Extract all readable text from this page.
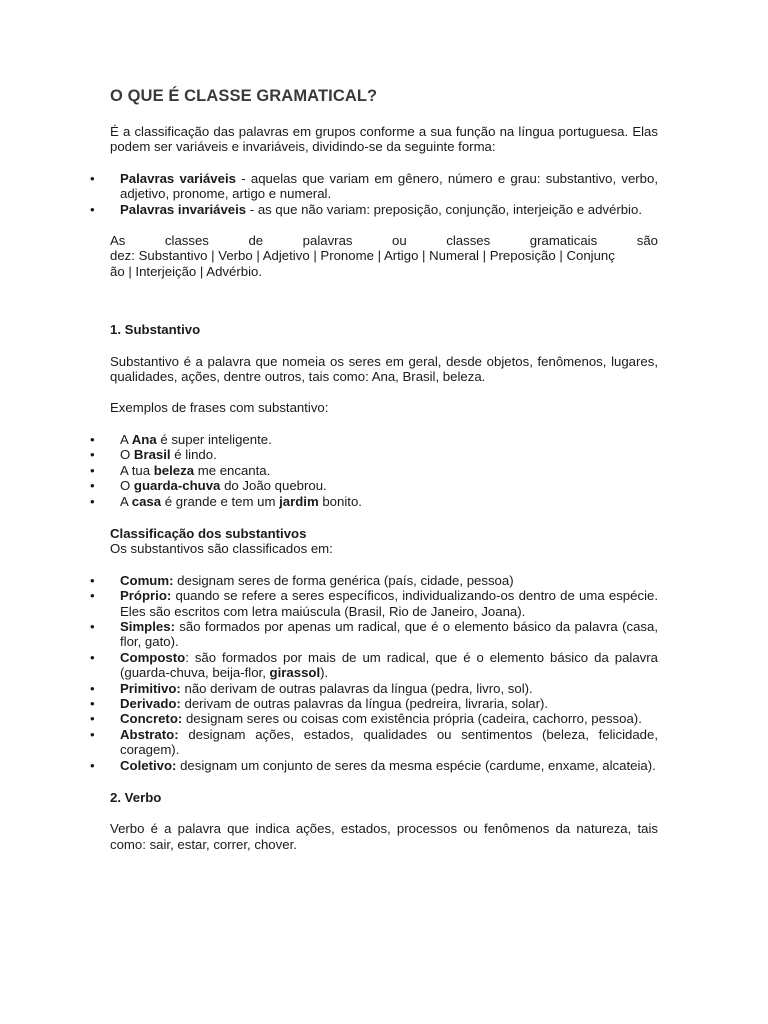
O QUE É CLASSE GRAMATICAL?

É a classificação das palavras em grupos conforme a sua função na língua portuguesa. Elas podem ser variáveis e invariáveis, dividindo-se da seguinte forma:

• Palavras variáveis - aquelas que variam em gênero, número e grau: substantivo, verbo, adjetivo, pronome, artigo e numeral.
• Palavras invariáveis - as que não variam: preposição, conjunção, interjeição e advérbio.

As classes de palavras ou classes gramaticais são

dez: Substantivo | Verbo | Adjetivo | Pronome | Artigo | Numeral | Preposição | Conjunç

ão | Interjeição | Advérbio.

1. Substantivo

Substantivo é a palavra que nomeia os seres em geral, desde objetos, fenômenos, lugares, qualidades, ações, dentre outros, tais como: Ana, Brasil, beleza.

Exemplos de frases com substantivo:

• A Ana é super inteligente.
• O Brasil é lindo.
• A tua beleza me encanta.
• O guarda-chuva do João quebrou.
• A casa é grande e tem um jardim bonito.

Classificação dos substantivos

Os substantivos são classificados em:

• Comum: designam seres de forma genérica (país, cidade, pessoa)
• Próprio: quando se refere a seres específicos, individualizando-os dentro de uma espécie. Eles são escritos com letra maiúscula (Brasil, Rio de Janeiro, Joana).
• Simples: são formados por apenas um radical, que é o elemento básico da palavra (casa, flor, gato).
• Composto: são formados por mais de um radical, que é o elemento básico da palavra (guarda-chuva, beija-flor, girassol).
• Primitivo: não derivam de outras palavras da língua (pedra, livro, sol).
• Derivado: derivam de outras palavras da língua (pedreira, livraria, solar).
• Concreto: designam seres ou coisas com existência própria (cadeira, cachorro, pessoa).
• Abstrato: designam ações, estados, qualidades ou sentimentos (beleza, felicidade, coragem).
• Coletivo: designam um conjunto de seres da mesma espécie (cardume, enxame, alcateia).

2. Verbo

Verbo é a palavra que indica ações, estados, processos ou fenômenos da natureza, tais como: sair, estar, correr, chover.
